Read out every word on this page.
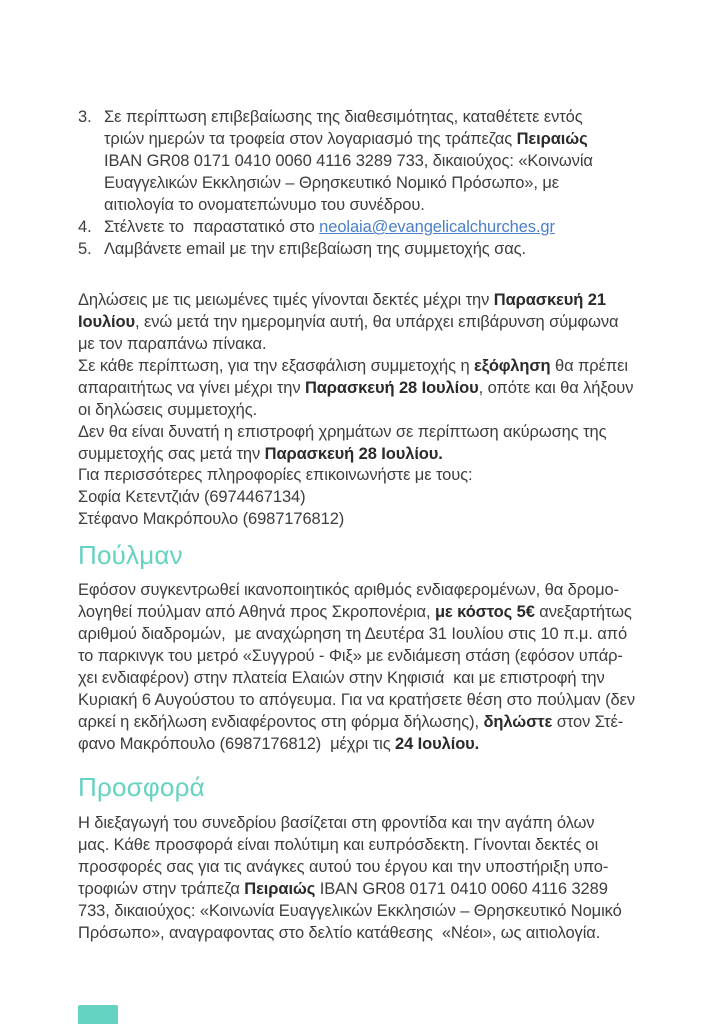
3. Σε περίπτωση επιβεβαίωσης της διαθεσιμότητας, καταθέτετε εντός
τριών ημερών τα τροφεία στον λογαριασμό της τράπεζας Πειραιώς
IBAN GR08 0171 0410 0060 4116 3289 733, δικαιούχος: «Κοινωνία
Ευαγγελικών Εκκλησιών – Θρησκευτικό Νομικό Πρόσωπο», με
αιτιολογία το ονοματεπώνυμο του συνέδρου.
4. Στέλνετε το  παραστατικό στο neolaia@evangelicalchurches.gr
5. Λαμβάνετε email με την επιβεβαίωση της συμμετοχής σας.
Δηλώσεις με τις μειωμένες τιμές γίνονται δεκτές μέχρι την Παρασκευή 21
Ιουλίου, ενώ μετά την ημερομηνία αυτή, θα υπάρχει επιβάρυνση σύμφωνα
με τον παραπάνω πίνακα.
Σε κάθε περίπτωση, για την εξασφάλιση συμμετοχής η εξόφληση θα πρέπει
απαραιτήτως να γίνει μέχρι την Παρασκευή 28 Ιουλίου, οπότε και θα λήξουν
οι δηλώσεις συμμετοχής.
Δεν θα είναι δυνατή η επιστροφή χρημάτων σε περίπτωση ακύρωσης της
συμμετοχής σας μετά την Παρασκευή 28 Ιουλίου.
Για περισσότερες πληροφορίες επικοινωνήστε με τους:
Σοφία Κετεντζιάν (6974467134)
Στέφανο Μακρόπουλο (6987176812)
Πούλμαν
Εφόσον συγκεντρωθεί ικανοποιητικός αριθμός ενδιαφερομένων, θα δρομο-
λογηθεί πούλμαν από Αθηνά προς Σκροπονέρια, με κόστος 5€ ανεξαρτήτως
αριθμού διαδρομών,  με αναχώρηση τη Δευτέρα 31 Ιουλίου στις 10 π.μ. από
το παρκινγκ του μετρό «Συγγρού - Φιξ» με ενδιάμεση στάση (εφόσον υπάρ-
χει ενδιαφέρον) στην πλατεία Ελαιών στην Κηφισιά  και με επιστροφή την
Κυριακή 6 Αυγούστου το απόγευμα. Για να κρατήσετε θέση στο πούλμαν (δεν
αρκεί η εκδήλωση ενδιαφέροντος στη φόρμα δήλωσης), δηλώστε στον Στέ-
φανο Μακρόπουλο (6987176812)  μέχρι τις 24 Ιουλίου.
Προσφορά
Η διεξαγωγή του συνεδρίου βασίζεται στη φροντίδα και την αγάπη όλων
μας. Κάθε προσφορά είναι πολύτιμη και ευπρόσδεκτη. Γίνονται δεκτές οι
προσφορές σας για τις ανάγκες αυτού του έργου και την υποστήριξη υπο-
τροφιών στην τράπεζα Πειραιώς IBAN GR08 0171 0410 0060 4116 3289
733, δικαιούχος: «Κοινωνία Ευαγγελικών Εκκλησιών – Θρησκευτικό Νομικό
Πρόσωπο», αναγραφοντας στο δελτίο κατάθεσης  «Νέοι», ως αιτιολογία.
